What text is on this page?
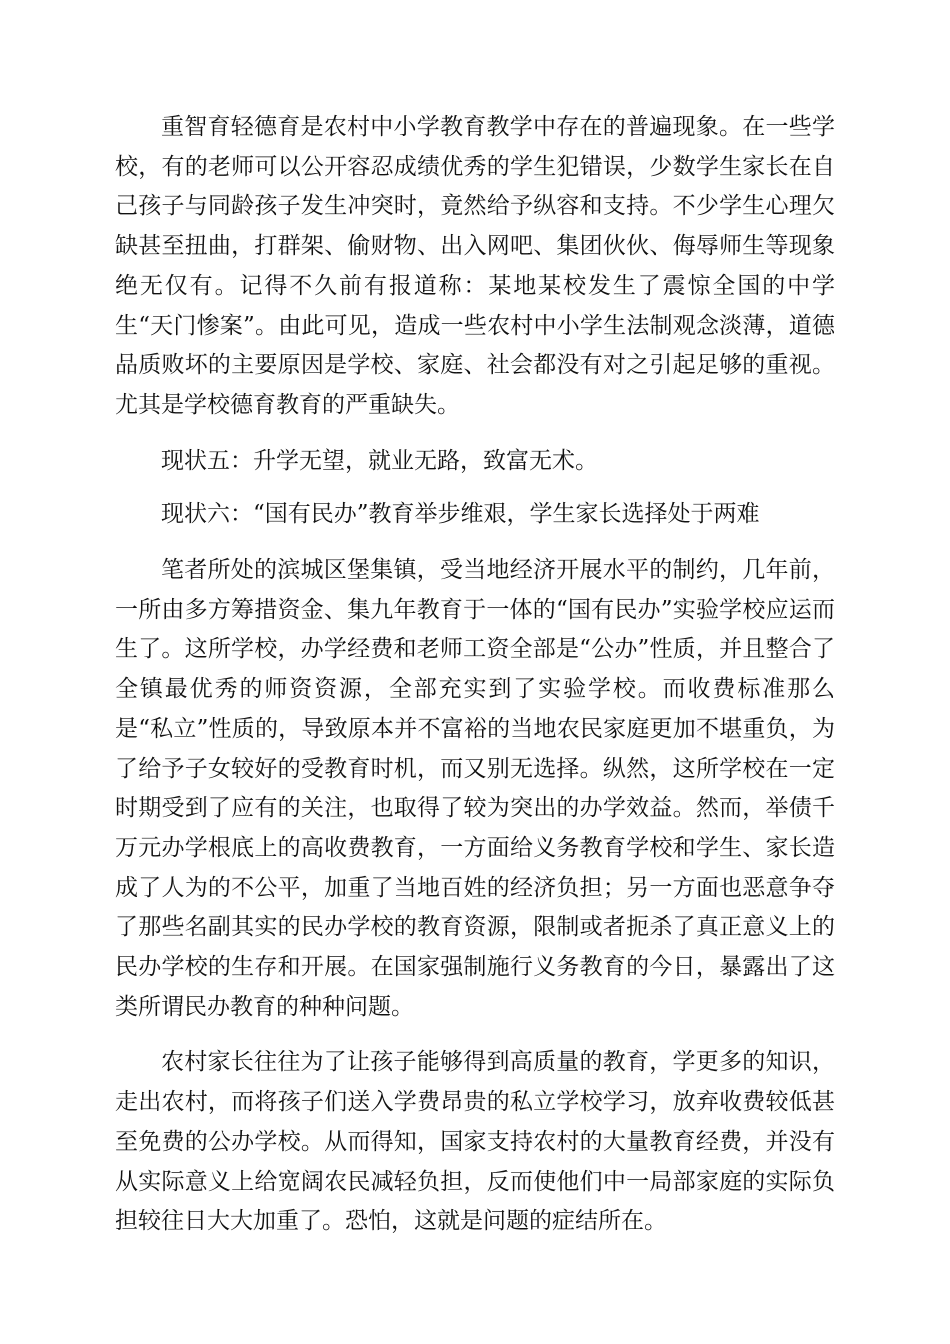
重智育轻德育是农村中小学教育教学中存在的普遍现象。在一些学校，有的老师可以公开容忍成绩优秀的学生犯错误，少数学生家长在自己孩子与同龄孩子发生冲突时，竟然给予纵容和支持。不少学生心理欠缺甚至扭曲，打群架、偷财物、出入网吧、集团伙伙、侮辱师生等现象绝无仅有。记得不久前有报道称：某地某校发生了震惊全国的中学生“天门惨案”。由此可见，造成一些农村中小学生法制观念淡薄，道德品质败坏的主要原因是学校、家庭、社会都没有对之引起足够的重视。尤其是学校德育教育的严重缺失。

现状五：升学无望，就业无路，致富无术。

现状六：“国有民办”教育举步维艰，学生家长选择处于两难

笔者所处的滨城区堡集镇，受当地经济开展水平的制约，几年前，一所由多方筹措资金、集九年教育于一体的“国有民办”实验学校应运而生了。这所学校，办学经费和老师工资全部是“公办”性质，并且整合了全镇最优秀的师资资源，全部充实到了实验学校。而收费标准那么是“私立”性质的，导致原本并不富裕的当地农民家庭更加不堪重负，为了给予子女较好的受教育时机，而又别无选择。纵然，这所学校在一定时期受到了应有的关注，也取得了较为突出的办学效益。然而，举债千万元办学根底上的高收费教育，一方面给义务教育学校和学生、家长造成了人为的不公平，加重了当地百姓的经济负担；另一方面也恶意争夺了那些名副其实的民办学校的教育资源，限制或者扼杀了真正意义上的民办学校的生存和开展。在国家强制施行义务教育的今日，暴露出了这类所谓民办教育的种种问题。

农村家长往往为了让孩子能够得到高质量的教育，学更多的知识，走出农村，而将孩子们送入学费昂贵的私立学校学习，放弃收费较低甚至免费的公办学校。从而得知，国家支持农村的大量教育经费，并没有从实际意义上给宽阔农民减轻负担，反而使他们中一局部家庭的实际负担较往日大大加重了。恐怕，这就是问题的症结所在。
